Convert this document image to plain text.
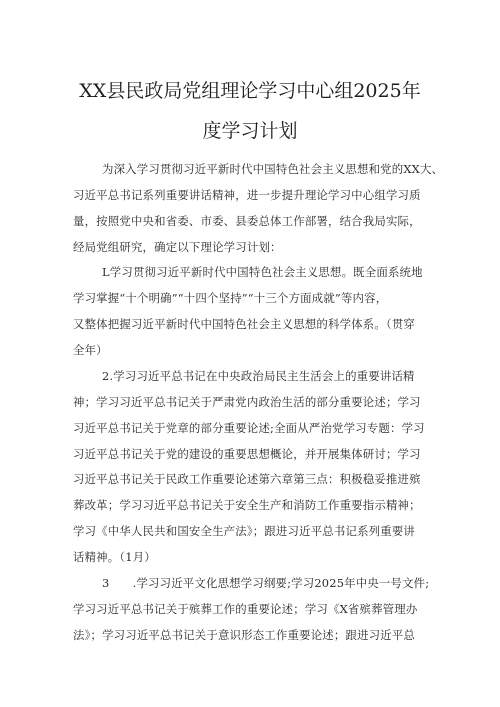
XX县民政局党组理论学习中心组2025年
度学习计划
为深入学习贯彻习近平新时代中国特色社会主义思想和党的XX大、
习近平总书记系列重要讲话精神，进一步提升理论学习中心组学习质
量，按照党中央和省委、市委、县委总体工作部署，结合我局实际，
经局党组研究，确定以下理论学习计划：
L学习贯彻习近平新时代中国特色社会主义思想。既全面系统地
学习掌握“十个明确”“十四个坚持”“十三个方面成就”等内容，
又整体把握习近平新时代中国特色社会主义思想的科学体系。（贯穿
全年）
2.学习习近平总书记在中央政治局民主生活会上的重要讲话精
神；学习习近平总书记关于严肃党内政治生活的部分重要论述；学习
习近平总书记关于党章的部分重要论述;全面从严治党学习专题：学习
习近平总书记关于党的建设的重要思想概论，并开展集体研讨；学习
习近平总书记关于民政工作重要论述第六章第三点：积极稳妥推进殡
葬改革；学习习近平总书记关于安全生产和消防工作重要指示精神；
学习《中华人民共和国安全生产法》；跟进习近平总书记系列重要讲
话精神。（1月）
3　　.学习习近平文化思想学习纲要;学习2025年中央一号文件;
学习习近平总书记关于殡葬工作的重要论述；学习《X省殡葬管理办
法》；学习习近平总书记关于意识形态工作重要论述；跟进习近平总
